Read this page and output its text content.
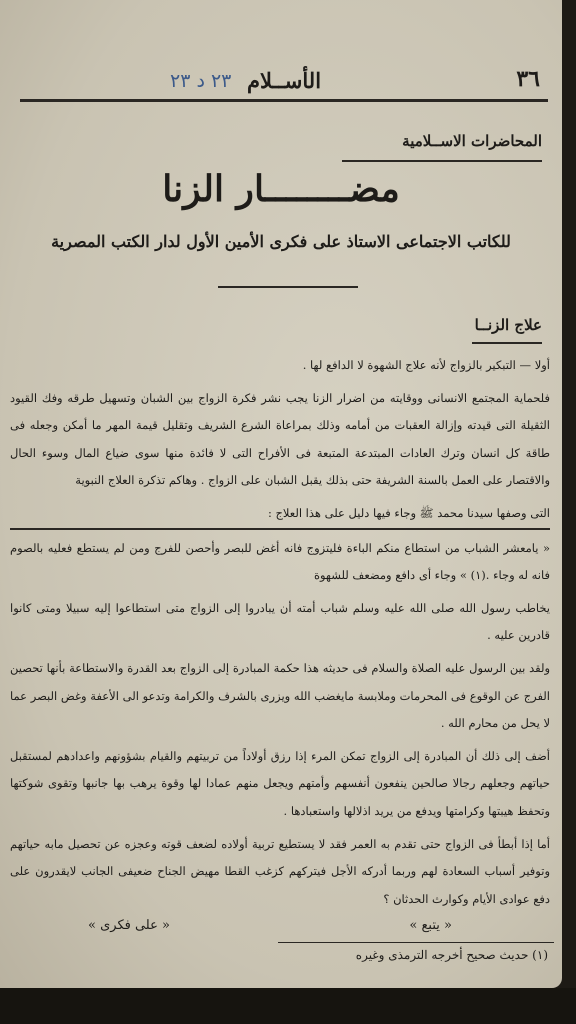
٢٣ د ٢٣ الأســلام	٣٦
المحاضرات الاســلامية
مضــــــــار الزنا
للكاتب الاجتماعى الاستاذ على فكرى الأمين الأول لدار الكتب المصرية
علاج الزنــا

أولا — التبكير بالزواج لأنه علاج الشهوة لا الدافع لها .

فلحماية المجتمع الانسانى ووقايته من اضرار الزنا يجب نشر فكرة الزواج بين الشبان وتسهيل طرقه وفك القيود الثقيلة التى قيدته وإزالة العقبات من أمامه وذلك بمراعاة الشرع الشريف وتقليل قيمة المهر ما أمكن وجعله فى طاقة كل انسان وترك العادات المبتدعة المتبعة فى الأفراح التى لا فائدة منها سوى ضياع المال وسوء الحال والاقتصار على العمل بالسنة الشريفة حتى بذلك يقبل الشبان على الزواج . وهاكم تذكرة العلاج النبوية

التى وصفها سيدنا محمد ﷺ وجاء فيها دليل على هذا العلاج :

« يامعشر الشباب من استطاع منكم الباءة فليتزوج فانه أغض للبصر وأحصن للفرج ومن لم يستطع فعليه بالصوم فانه له وجاء .(١) » وجاء أى دافع ومضعف للشهوة

يخاطب رسول الله صلى الله عليه وسلم شباب أمته أن يبادروا إلى الزواج متى استطاعوا إليه سبيلا ومتى كانوا قادرين عليه .

ولقد بين الرسول عليه الصلاة والسلام فى حديثه هذا حكمة المبادرة إلى الزواج بعد القدرة والاستطاعة بأنها تحصين الفرج عن الوقوع فى المحرمات وملابسة مايغضب الله ويزرى بالشرف والكرامة وتدعو الى الأعفة وغض البصر عما لا يحل من محارم الله .

أضف إلى ذلك أن المبادرة إلى الزواج تمكن المرء إذا رزق أولاداً من تربيتهم والقيام بشؤونهم واعدادهم لمستقبل حياتهم وجعلهم رجالا صالحين ينفعون أنفسهم وأمتهم ويجعل منهم عمادا لها وقوة يرهب بها جانبها وتقوى شوكتها وتحفظ هيبتها وكرامتها ويدفع من يريد اذلالها واستعبادها .

أما إذا أبطأ فى الزواج حتى تقدم به العمر فقد لا يستطيع تربية أولاده لضعف قوته وعجزه عن تحصيل مابه حياتهم وتوفير أسباب السعادة لهم وربما أدركه الأجل فيتركهم كزغب القطا مهيض الجناح ضعيفى الجانب لايقدرون على دفع عوادى الأيام وكوارث الحدثان ؟

« يتبع »
« على فكرى »
(١) حديث صحيح أخرجه الترمذى وغيره
